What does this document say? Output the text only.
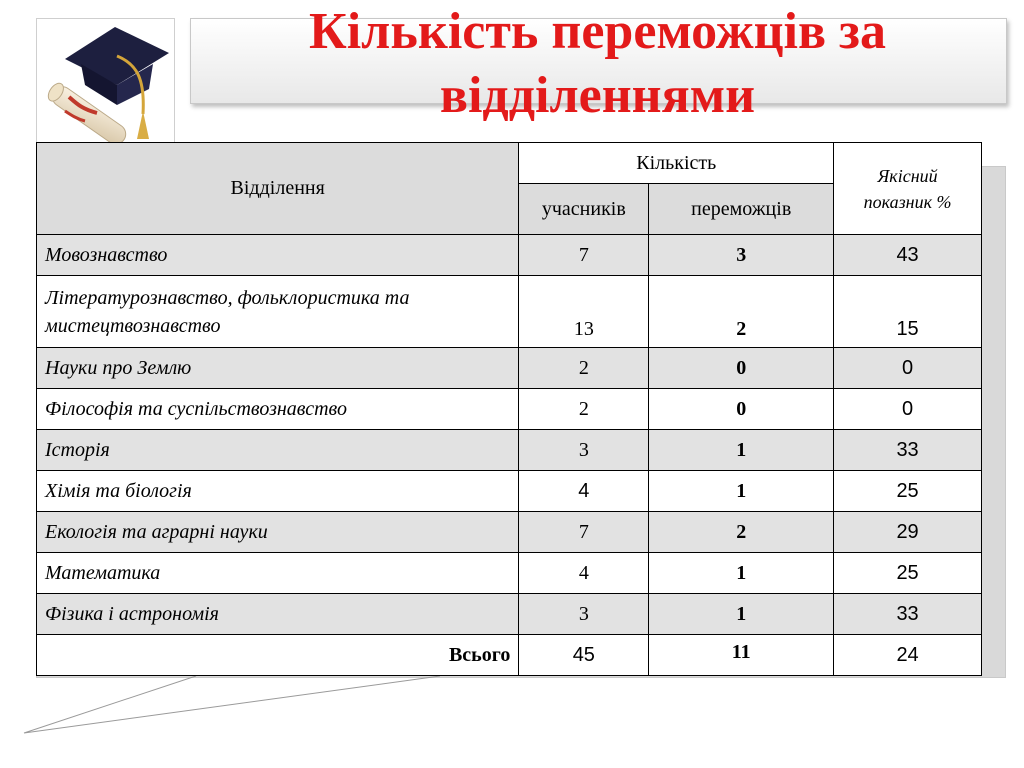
Кількість переможців за відділеннями
Відділення	Кількість		Якісний показник %
	учасників	переможців	
Мовознавство	7	3	43
Літературознавство, фольклористика та мистецтвознавство	13	2	15
Науки про Землю	2	0	0
Філософія та суспільствознавство	2	0	0
Історія	3	1	33
Хімія та біологія	4	1	25
Екологія та аграрні науки	7	2	29
Математика	4	1	25
Фізика і астрономія	3	1	33
Всього	45	11	24
